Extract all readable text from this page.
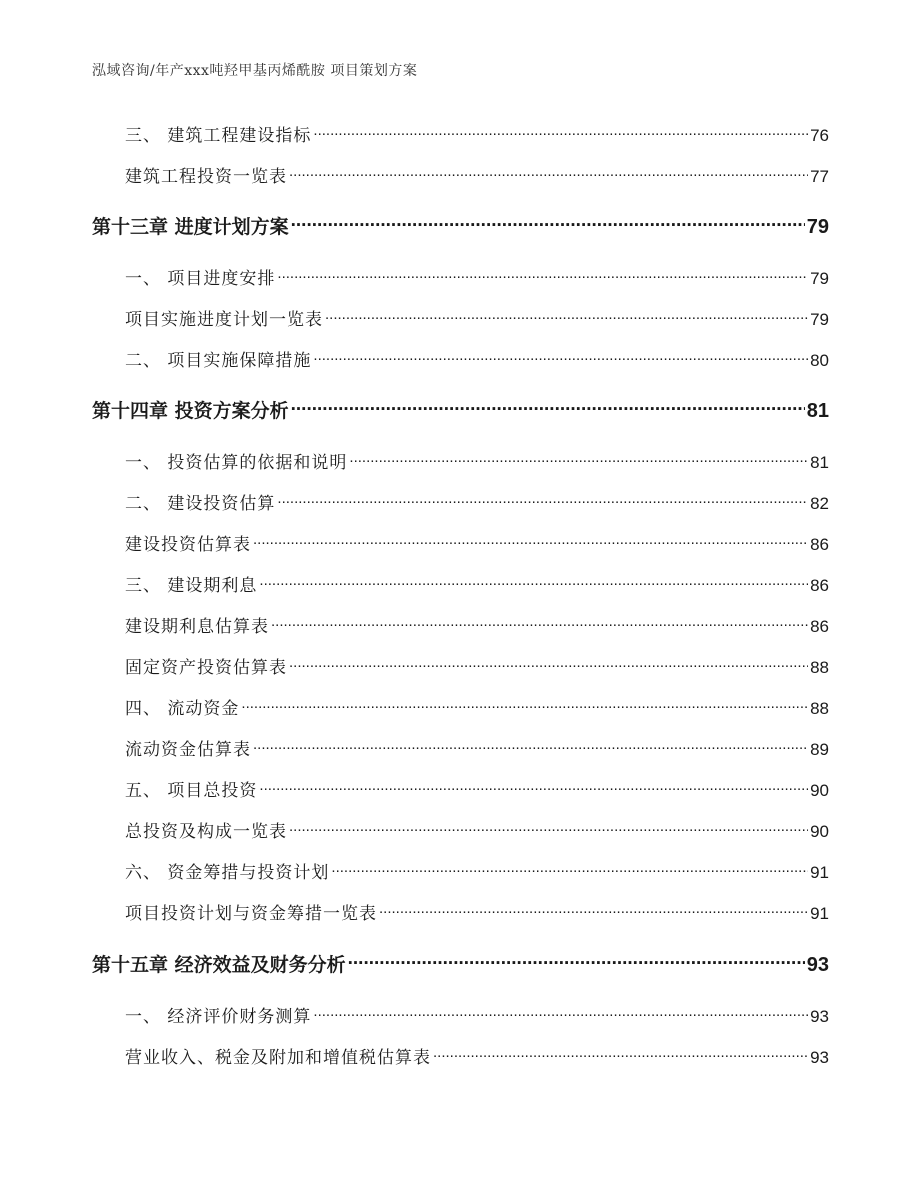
泓域咨询/年产xxx吨羟甲基丙烯酰胺 项目策划方案
三、 建筑工程建设指标 .....	76
建筑工程投资一览表 .....	77
第十三章 进度计划方案 .....	79
一、 项目进度安排 .....	79
项目实施进度计划一览表 .....	79
二、 项目实施保障措施 .....	80
第十四章 投资方案分析 .....	81
一、 投资估算的依据和说明 .....	81
二、 建设投资估算 .....	82
建设投资估算表 .....	86
三、 建设期利息 .....	86
建设期利息估算表 .....	86
固定资产投资估算表 .....	88
四、 流动资金 .....	88
流动资金估算表 .....	89
五、 项目总投资 .....	90
总投资及构成一览表 .....	90
六、 资金筹措与投资计划 .....	91
项目投资计划与资金筹措一览表 .....	91
第十五章 经济效益及财务分析 .....	93
一、 经济评价财务测算 .....	93
营业收入、税金及附加和增值税估算表 .....	93
